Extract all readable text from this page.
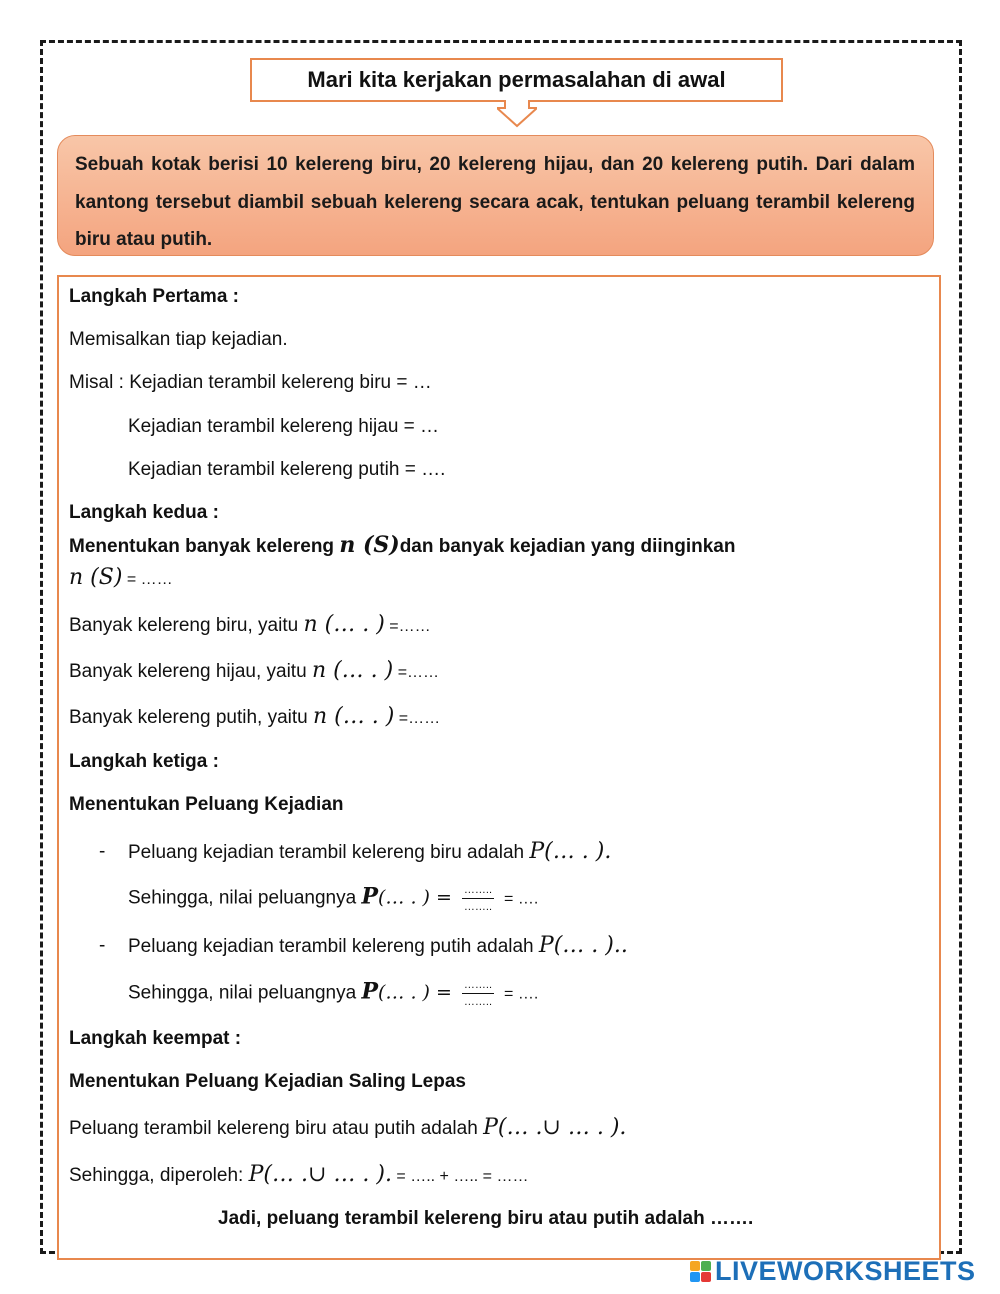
Mari kita kerjakan permasalahan di awal

Sebuah kotak berisi 10 kelereng biru, 20 kelereng hijau, dan 20 kelereng putih. Dari dalam kantong tersebut diambil sebuah kelereng secara acak, tentukan peluang terambil kelereng biru atau putih.

Langkah Pertama :
Memisalkan tiap kejadian.
Misal : Kejadian terambil kelereng biru = …
Kejadian terambil kelereng hijau = …
Kejadian terambil kelereng putih = ….
Langkah kedua :
Menentukan banyak kelereng n (S)dan banyak kejadian yang diinginkan
n (S) = ……
Banyak kelereng biru, yaitu n (… . ) =……
Banyak kelereng hijau, yaitu n (… . ) =……
Banyak kelereng putih, yaitu n (… . ) =……
Langkah ketiga :
Menentukan Peluang Kejadian
- Peluang kejadian terambil kelereng biru adalah P(… . ).
Sehingga, nilai peluangnya P(… . ) = $\frac{\dots\dots..}{\dots\dots..}$ = ….
- Peluang kejadian terambil kelereng putih adalah P(… . )..
Sehingga, nilai peluangnya P(… . ) = $\frac{\dots\dots..}{\dots\dots..}$ = ….
Langkah keempat :
Menentukan Peluang Kejadian Saling Lepas
Peluang terambil kelereng biru atau putih adalah P(… .∪ … . ).
Sehingga, diperoleh: P(… .∪ … . ). = ….. + ….. = ……
Jadi, peluang terambil kelereng biru atau putih adalah …….
LIVEWORKSHEETS
